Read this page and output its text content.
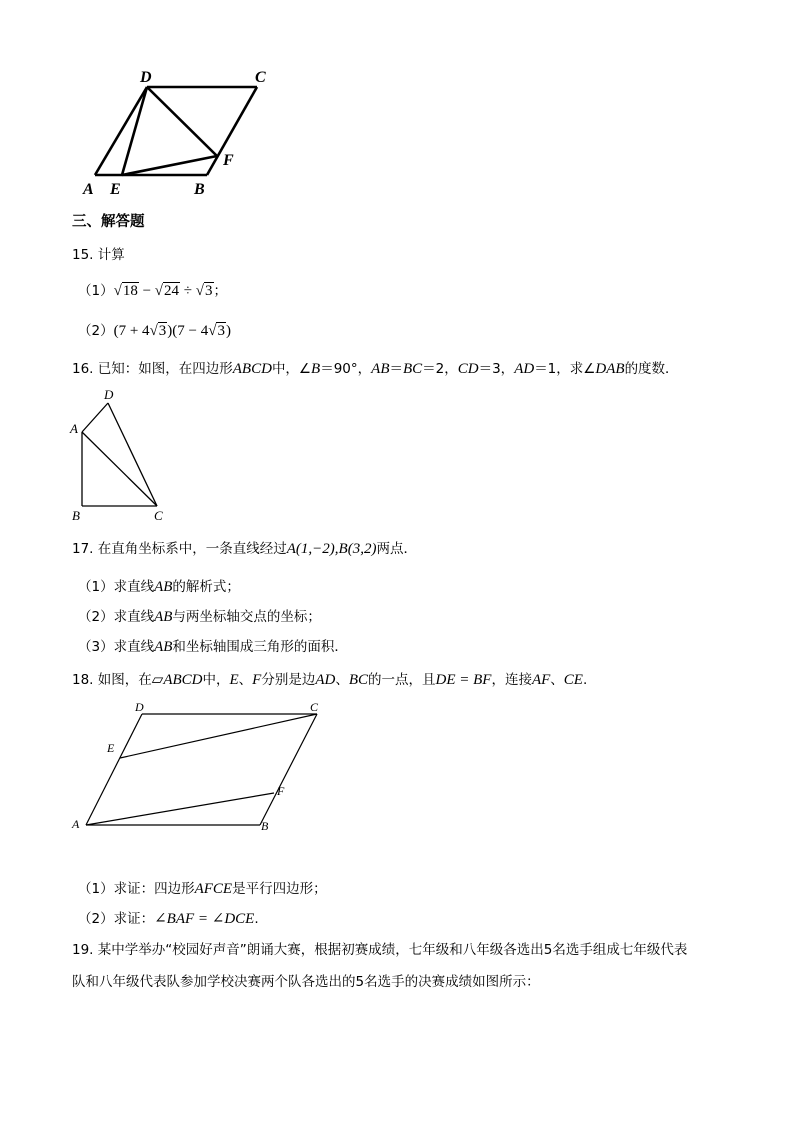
A E	B
F
D	C
三、解答题
15. 计算
（1）√18 − √24 ÷ √3；
（2）(7 + 4√3)(7 − 4√3)
16. 已知：如图，在四边形ABCD中，∠B＝90°，AB＝BC＝2，CD＝3，AD＝1，求∠DAB的度数．
D
A
B	C
17. 在直角坐标系中，一条直线经过A(1,−2),B(3,2)两点．
（1）求直线AB的解析式；
（2）求直线AB与两坐标轴交点的坐标；
（3）求直线AB和坐标轴围成三角形的面积．
18. 如图，在▱ABCD中，E、F分别是边AD、BC的一点，且DE = BF，连接AF、CE.
D	C
E
F
A	B
（1）求证：四边形AFCE是平行四边形；
（2）求证：∠BAF = ∠DCE.
19. 某中学举办“校园好声音”朗诵大赛，根据初赛成绩，七年级和八年级各选出5名选手组成七年级代表
队和八年级代表队参加学校决赛两个队各选出的5名选手的决赛成绩如图所示：
